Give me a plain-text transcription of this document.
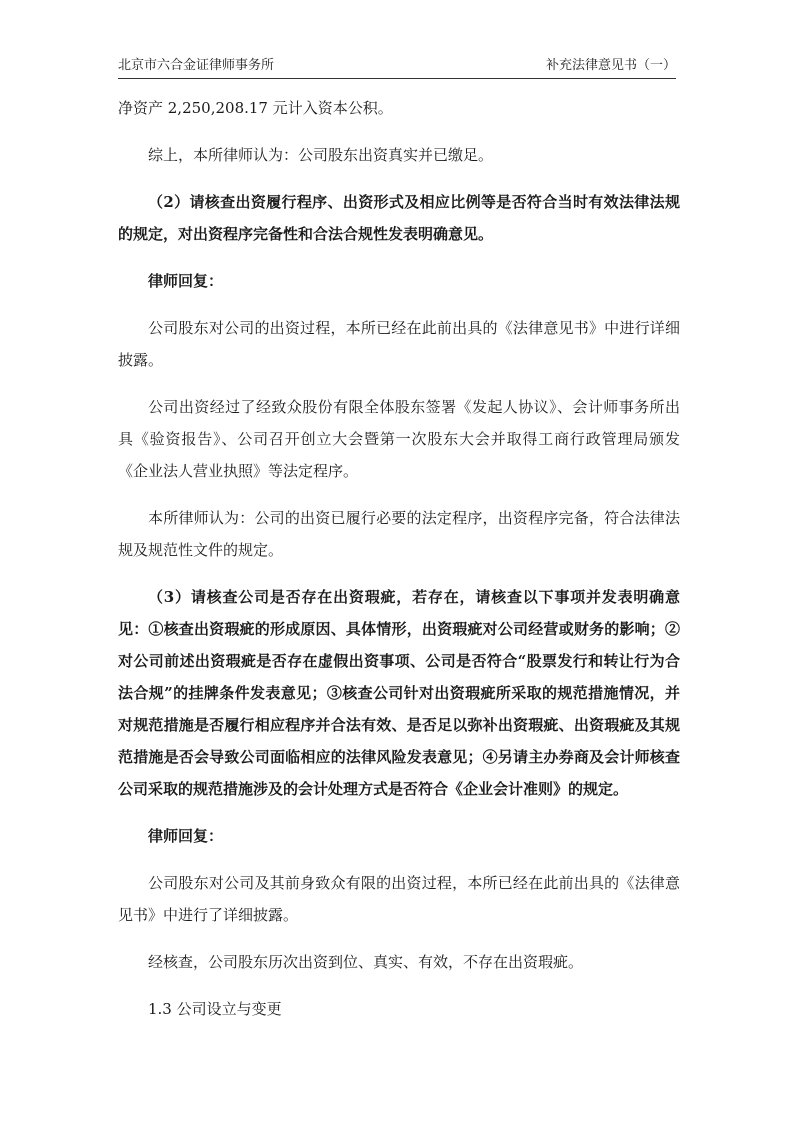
北京市六合金证律师事务所	补充法律意见书（一）

净资产 2,250,208.17 元计入资本公积。

综上，本所律师认为：公司股东出资真实并已缴足。

（2）请核查出资履行程序、出资形式及相应比例等是否符合当时有效法律法规的规定，对出资程序完备性和合法合规性发表明确意见。

律师回复：

公司股东对公司的出资过程，本所已经在此前出具的《法律意见书》中进行详细披露。

公司出资经过了经致众股份有限全体股东签署《发起人协议》、会计师事务所出具《验资报告》、公司召开创立大会暨第一次股东大会并取得工商行政管理局颁发《企业法人营业执照》等法定程序。

本所律师认为：公司的出资已履行必要的法定程序，出资程序完备，符合法律法规及规范性文件的规定。

（3）请核查公司是否存在出资瑕疵，若存在，请核查以下事项并发表明确意见：①核查出资瑕疵的形成原因、具体情形，出资瑕疵对公司经营或财务的影响；②对公司前述出资瑕疵是否存在虚假出资事项、公司是否符合“股票发行和转让行为合法合规”的挂牌条件发表意见；③核查公司针对出资瑕疵所采取的规范措施情况，并对规范措施是否履行相应程序并合法有效、是否足以弥补出资瑕疵、出资瑕疵及其规范措施是否会导致公司面临相应的法律风险发表意见；④另请主办券商及会计师核查公司采取的规范措施涉及的会计处理方式是否符合《企业会计准则》的规定。

律师回复：

公司股东对公司及其前身致众有限的出资过程，本所已经在此前出具的《法律意见书》中进行了详细披露。

经核查，公司股东历次出资到位、真实、有效，不存在出资瑕疵。

1.3 公司设立与变更
